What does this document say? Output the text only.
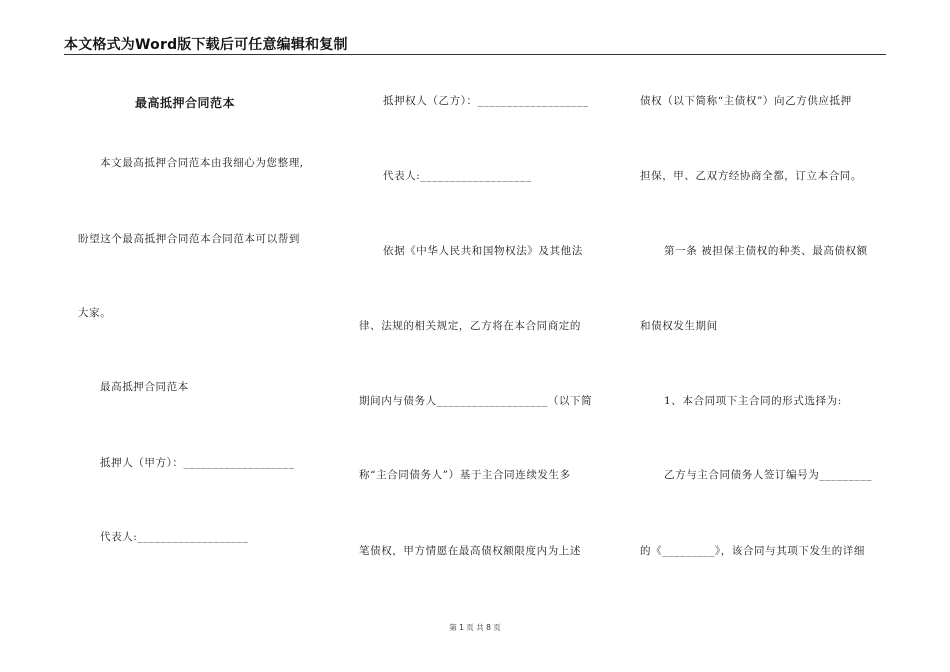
本文格式为Word版下载后可任意编辑和复制
最高抵押合同范本
本文最高抵押合同范本由我细心为您整理,
盼望这个最高抵押合同范本合同范本可以帮到
大家。
最高抵押合同范本
抵押人（甲方）：___________________
代表人:___________________
抵押权人（乙方）：___________________
代表人:___________________
依据《中华人民共和国物权法》及其他法
律、法规的相关规定，乙方将在本合同商定的
期间内与债务人___________________（以下简
称“主合同债务人”）基于主合同连续发生多
笔债权，甲方情愿在最高债权额限度内为上述
债权（以下简称“主债权”）向乙方供应抵押
担保，甲、乙双方经协商全都，订立本合同。
第一条 被担保主债权的种类、最高债权额
和债权发生期间
1、本合同项下主合同的形式选择为:
乙方与主合同债务人签订编号为_________
的《_________》，该合同与其项下发生的详细
第 1 页 共 8 页
